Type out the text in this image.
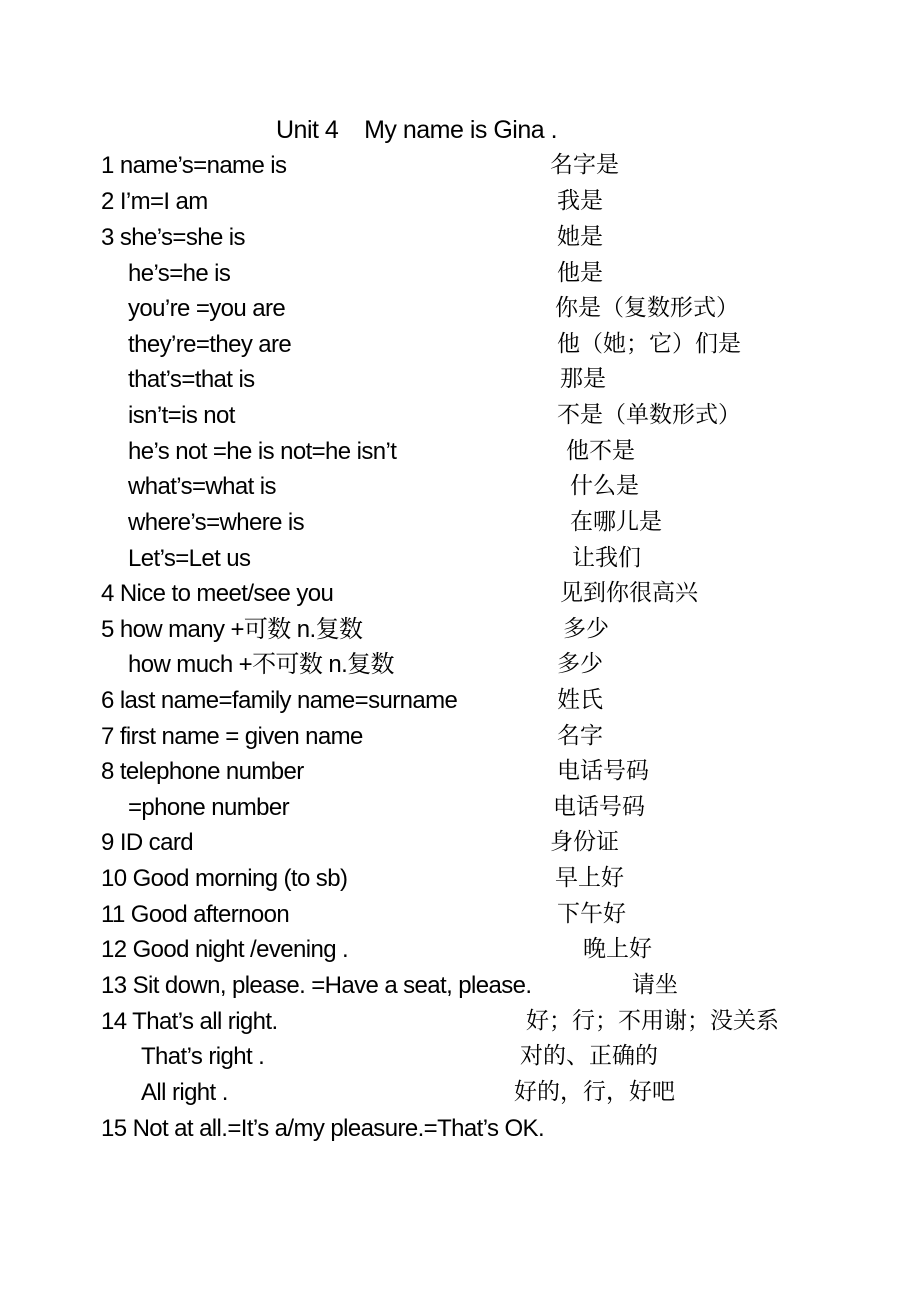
Unit 4    My name is Gina .
1 name’s=name is	名字是
2 I’m=I am	我是
3 she’s=she is	她是
he’s=he is	他是
you’re =you are	你是（复数形式）
they’re=they are	他（她；它）们是
that’s=that is	那是
isn’t=is not	不是（单数形式）
he’s not =he is not=he isn’t	他不是
what’s=what is	什么是
where’s=where is	在哪儿是
Let’s=Let us	让我们
4 Nice to meet/see you	见到你很高兴
5 how many +可数 n.复数	多少
how much +不可数 n.复数	多少
6 last name=family name=surname	姓氏
7 first name = given name	名字
8 telephone number	电话号码
=phone number	电话号码
9 ID card	身份证
10 Good morning (to sb)	早上好
11 Good afternoon	下午好
12 Good night /evening .	晚上好
13 Sit down, please. =Have a seat, please.	请坐
14 That’s all right.	好；行；不用谢；没关系
That’s right .	对的、正确的
All right .	好的，行，好吧
15 Not at all.=It’s a/my pleasure.=That’s OK.
